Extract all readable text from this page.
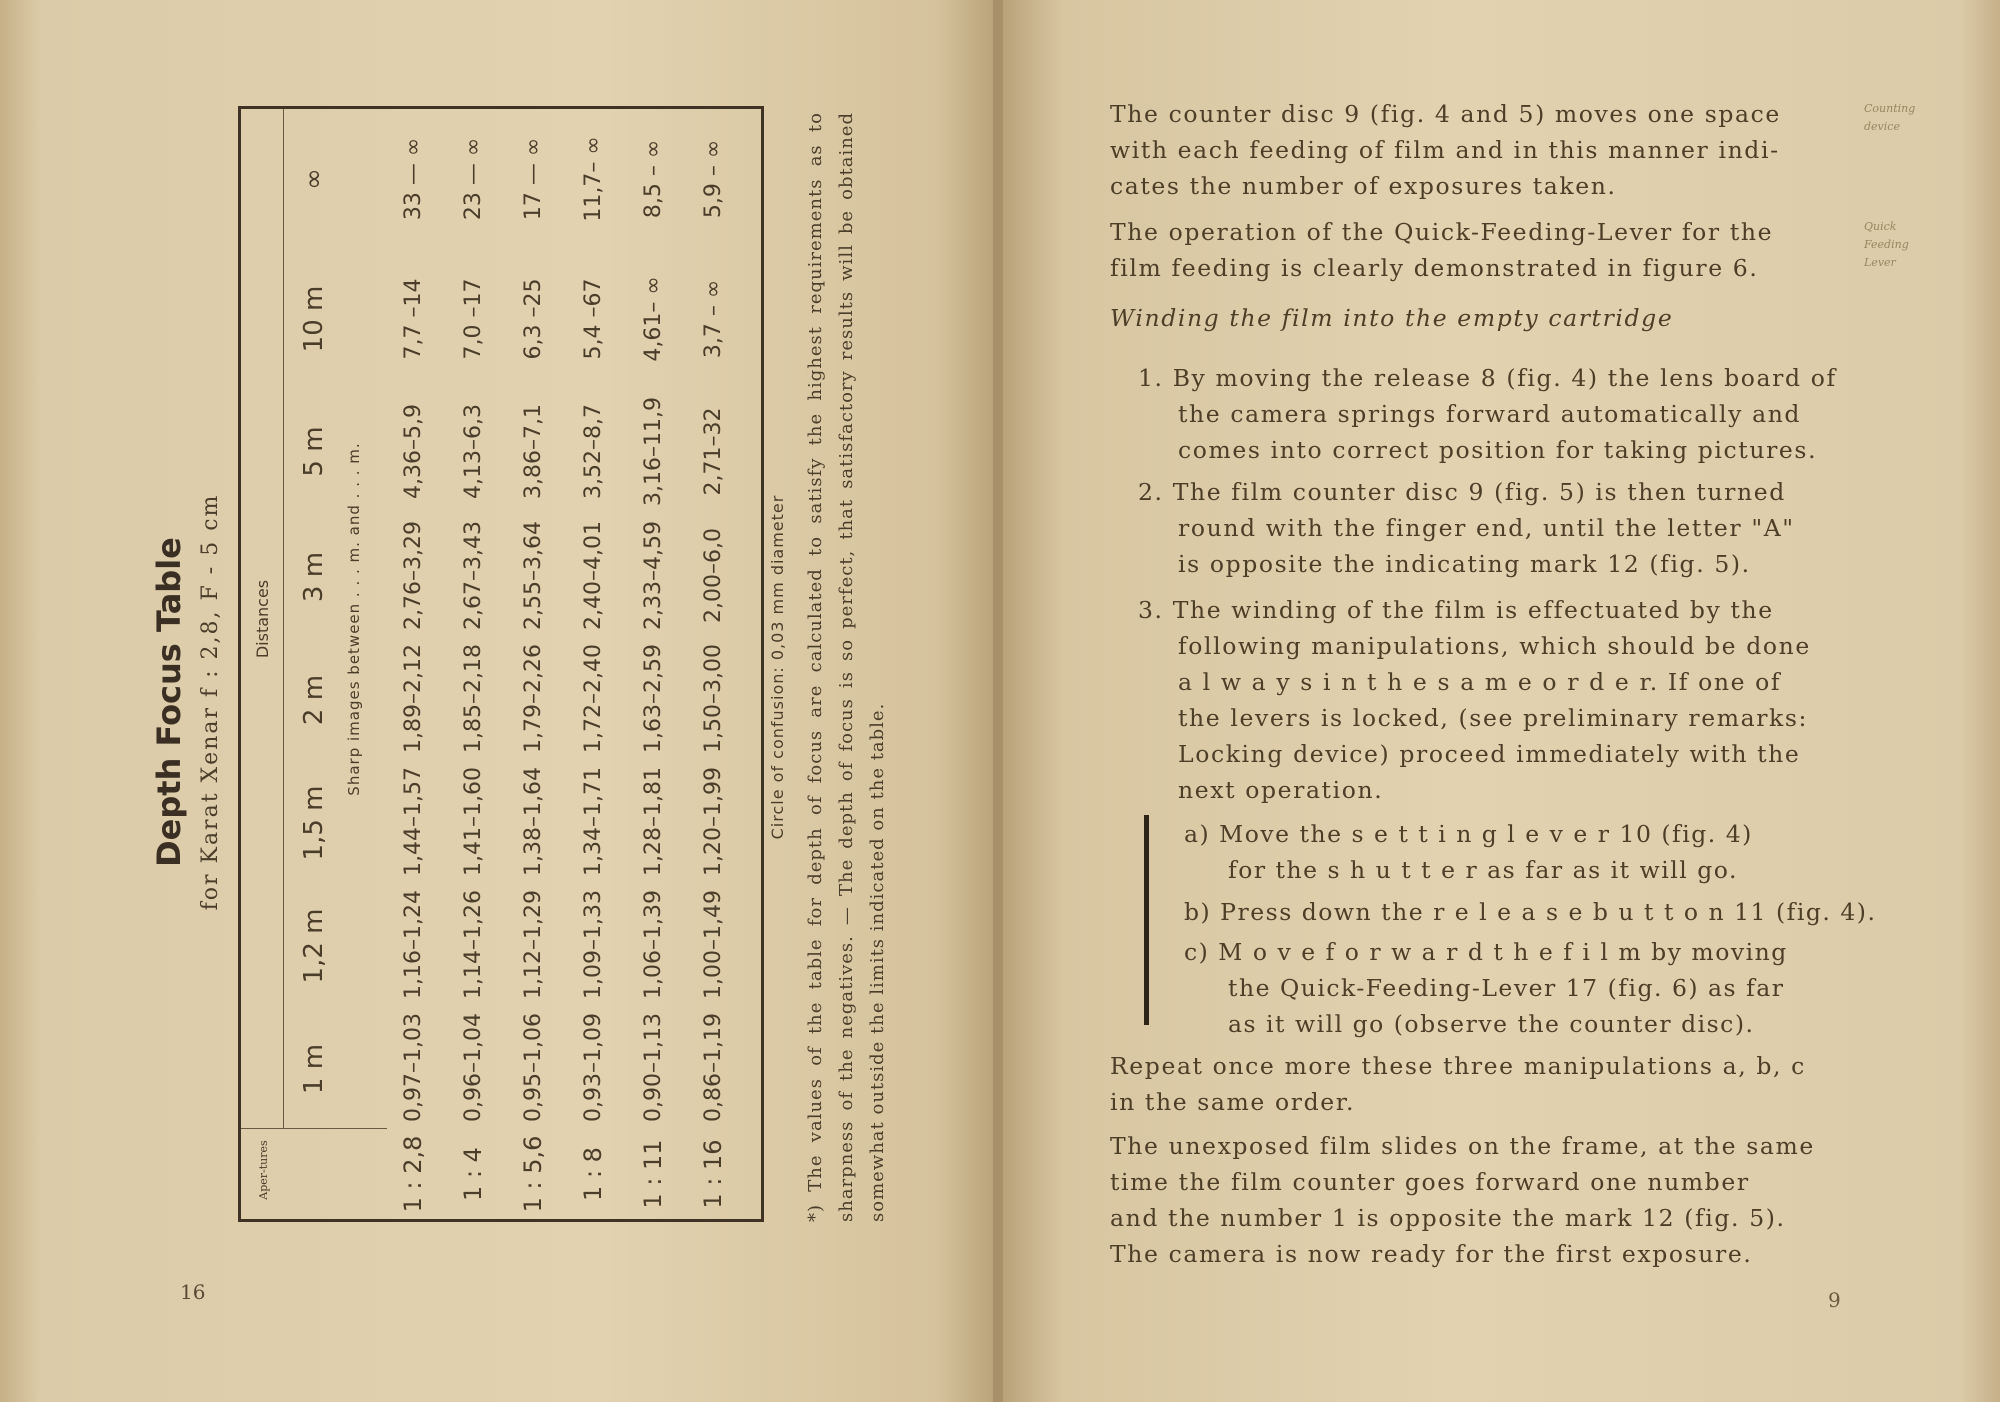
Depth Focus Table for Karat Xenar f : 2,8, F - 5 cm
Aper-tures
Distances
1 m
1,2 m
1,5 m
2 m
3 m
5 m
10 m
∞
Sharp images between . . . m. and . . . m.
1 : 2,8
0,97–1,03
1,16–1,24
1,44–1,57
1,89–2,12
2,76–3,29
4,36–5,9
7,7 –14
33 — ∞
1 : 4
0,96–1,04
1,14–1,26
1,41–1,60
1,85–2,18
2,67–3,43
4,13–6,3
7,0 –17
23 — ∞
1 : 5,6
0,95–1,06
1,12–1,29
1,38–1,64
1,79–2,26
2,55–3,64
3,86–7,1
6,3 –25
17 — ∞
1 : 8
0,93–1,09
1,09–1,33
1,34–1,71
1,72–2,40
2,40–4,01
3,52–8,7
5,4 –67
11,7– ∞
1 : 11
0,90–1,13
1,06–1,39
1,28–1,81
1,63–2,59
2,33–4,59
3,16–11,9
4,61– ∞
8,5 – ∞
1 : 16
0,86–1,19
1,00–1,49
1,20–1,99
1,50–3,00
2,00–6,0
2,71–32
3,7 – ∞
5,9 – ∞
Circle of confusion: 0,03 mm diameter *) The values of the table for depth of focus are calculated to satisfy the highest requirements as to sharpness of the negatives. — The depth of focus is so perfect, that satisfactory results will be obtained somewhat outside the limits indicated on the table.
16
The counter disc 9 (fig. 4 and 5) moves one space
with each feeding of film and in this manner indi-
cates the number of exposures taken.
Counting device
The operation of the Quick-Feeding-Lever for the
film feeding is clearly demonstrated in figure 6.
Quick Feeding Lever
Winding the film into the empty cartridge
1. By moving the release 8 (fig. 4) the lens board of
the camera springs forward automatically and
comes into correct position for taking pictures.
2. The film counter disc 9 (fig. 5) is then turned
round with the finger end, until the letter "A"
is opposite the indicating mark 12 (fig. 5).
3. The winding of the film is effectuated by the
following manipulations, which should be done
a l w a y s i n t h e s a m e o r d e r. If one of
the levers is locked, (see preliminary remarks:
Locking device) proceed immediately with the
next operation.
a) Move the s e t t i n g l e v e r 10 (fig. 4)
for the s h u t t e r as far as it will go.
b) Press down the r e l e a s e b u t t o n 11 (fig. 4).
c) M o v e f o r w a r d t h e f i l m by moving
the Quick-Feeding-Lever 17 (fig. 6) as far
as it will go (observe the counter disc).
Repeat once more these three manipulations a, b, c
in the same order.
The unexposed film slides on the frame, at the same
time the film counter goes forward one number
and the number 1 is opposite the mark 12 (fig. 5).
The camera is now ready for the first exposure.
9
